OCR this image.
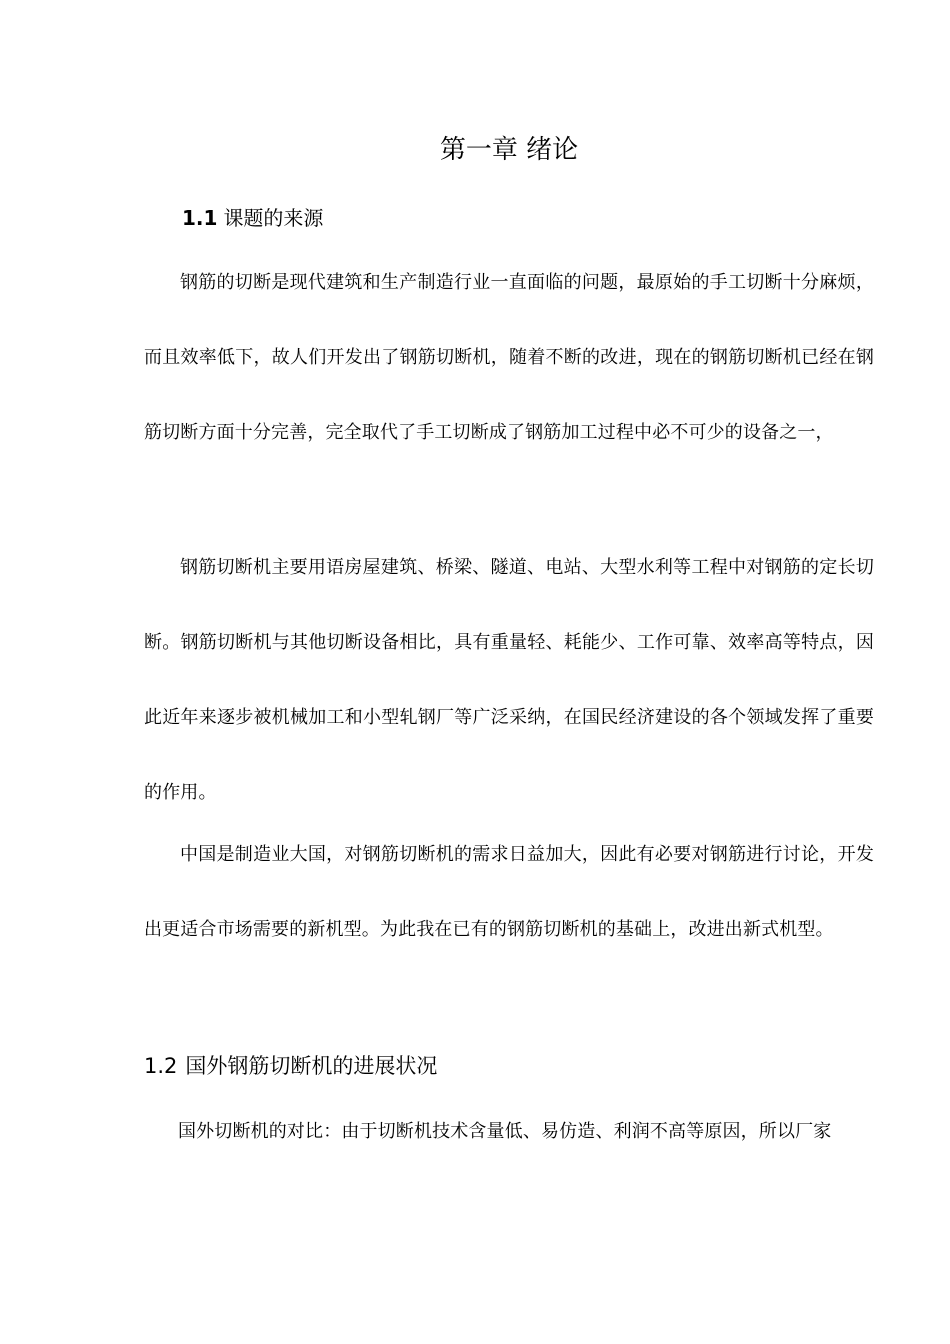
第一章 绪论
1.1 课题的来源

钢筋的切断是现代建筑和生产制造行业一直面临的问题，最原始的手工切断十分麻烦，而且效率低下，故人们开发出了钢筋切断机，随着不断的改进，现在的钢筋切断机已经在钢筋切断方面十分完善，完全取代了手工切断成了钢筋加工过程中必不可少的设备之一，

钢筋切断机主要用语房屋建筑、桥梁、隧道、电站、大型水利等工程中对钢筋的定长切断。钢筋切断机与其他切断设备相比，具有重量轻、耗能少、工作可靠、效率高等特点，因此近年来逐步被机械加工和小型轧钢厂等广泛采纳，在国民经济建设的各个领域发挥了重要的作用。

中国是制造业大国，对钢筋切断机的需求日益加大，因此有必要对钢筋进行讨论，开发出更适合市场需要的新机型。为此我在已有的钢筋切断机的基础上，改进出新式机型。

1.2 国外钢筋切断机的进展状况

国外切断机的对比：由于切断机技术含量低、易仿造、利润不高等原因，所以厂家
